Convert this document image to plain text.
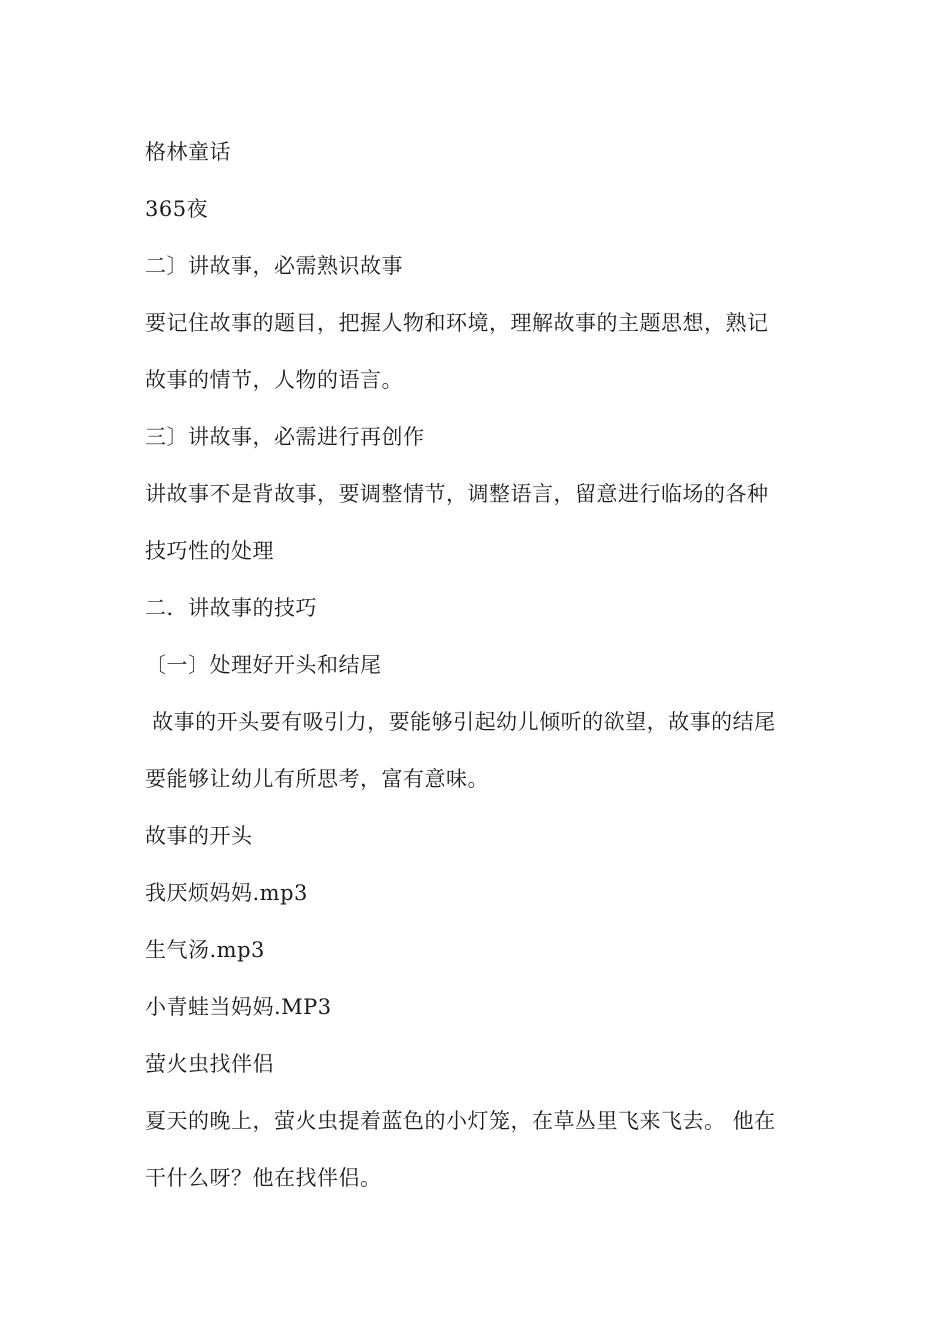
格林童话
365夜
二〕讲故事，必需熟识故事
要记住故事的题目，把握人物和环境，理解故事的主题思想，熟记
故事的情节，人物的语言。
三〕讲故事，必需进行再创作
讲故事不是背故事，要调整情节，调整语言，留意进行临场的各种
技巧性的处理
二．讲故事的技巧
〔一〕处理好开头和结尾
故事的开头要有吸引力，要能够引起幼儿倾听的欲望，故事的结尾
要能够让幼儿有所思考，富有意味。
故事的开头
我厌烦妈妈.mp3
生气汤.mp3
小青蛙当妈妈.MP3
萤火虫找伴侣
夏天的晚上，萤火虫提着蓝色的小灯笼，在草丛里飞来飞去。 他在
干什么呀？他在找伴侣。
